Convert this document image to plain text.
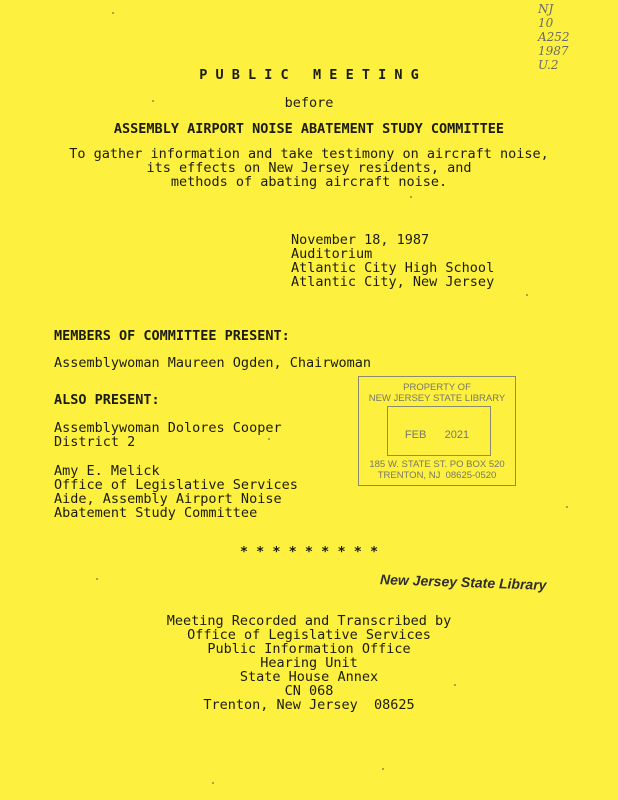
NJ
10
A252
1987
U.2
P U B L I C   M E E T I N G
before
ASSEMBLY AIRPORT NOISE ABATEMENT STUDY COMMITTEE
To gather information and take testimony on aircraft noise,
its effects on New Jersey residents, and
methods of abating aircraft noise.
November 18, 1987
Auditorium
Atlantic City High School
Atlantic City, New Jersey
MEMBERS OF COMMITTEE PRESENT:
Assemblywoman Maureen Ogden, Chairwoman
ALSO PRESENT:
Assemblywoman Dolores Cooper
District 2
Amy E. Melick
Office of Legislative Services
Aide, Assembly Airport Noise
Abatement Study Committee
PROPERTY OF
NEW JERSEY STATE LIBRARY
FEB      2021
185 W. STATE ST. PO BOX 520
TRENTON, NJ  08625-0520
* * * * * * * * *
New Jersey State Library
Meeting Recorded and Transcribed by
Office of Legislative Services
Public Information Office
Hearing Unit
State House Annex
CN 068
Trenton, New Jersey  08625
